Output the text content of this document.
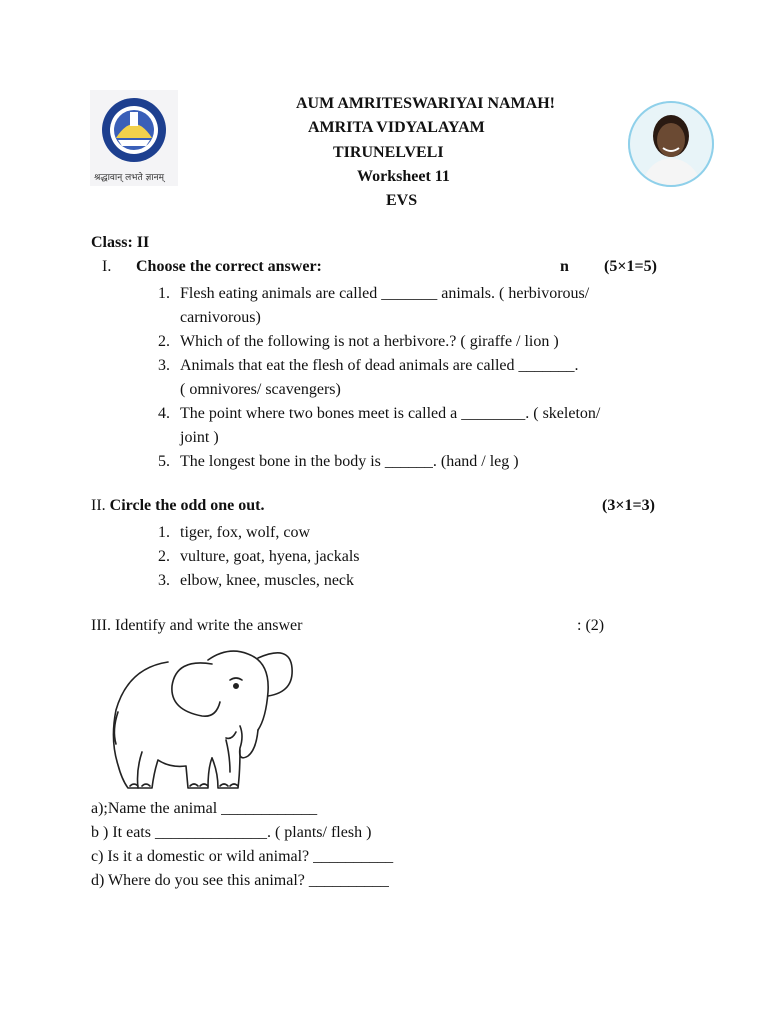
श्रद्धावान् लभते ज्ञानम्
AUM AMRITESWARIYAI NAMAH!
AMRITA VIDYALAYAM
TIRUNELVELI
Worksheet 11
EVS
Class: II
I. Choose the correct answer:	n (5×1=5)
1. Flesh eating animals are called _______ animals. ( herbivorous/
carnivorous)
2. Which of the following is not a herbivore.? ( giraffe / lion )
3. Animals that eat the flesh of dead animals are called _______.
( omnivores/ scavengers)
4. The point where two bones meet is called a ________. ( skeleton/
joint )
5. The longest bone in the body is ______. (hand / leg )
II. Circle the odd one out.	(3×1=3)
1. tiger, fox, wolf, cow
2. vulture, goat, hyena, jackals
3. elbow, knee, muscles, neck
III. Identify and write the answer	: (2)
a);Name the animal ____________
b ) It eats ______________. ( plants/ flesh )
c) Is it a domestic or wild animal? __________
d) Where do you see this animal? __________
